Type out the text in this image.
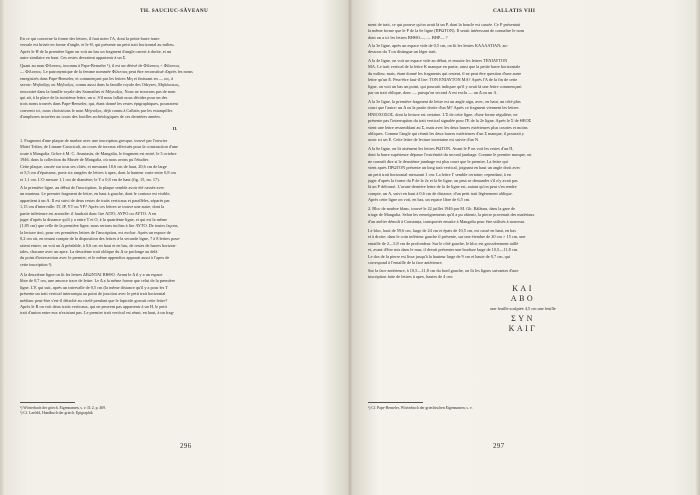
TH. SAUCIUC-SĂVEANU
En ce qui concerne la forme des lettres, il faut noter l'A, dont la petite barre trans-
versale est brisée en forme d'angle, et le Θ, qui présente un petit trait horizontal au milieu.
Après le Η de la première ligne on voit un bas un fragment d'angle ouvert à droite, et un
autre similaire en haut. Ces restes devraient appartenir à un Σ.
Quant au nom Φίλιππος, inconnu à Pape-Benseler ¹), il est un dérivé de Φίλιππος < Φίλιππος
— Φίλιππος. Le patronymique de la femme nommée Φίλιππος peut être reconstitué d'après les noms
enregistrés dans Pape-Benseler, et commençant par les lettres Μη et finissant en — ιος, à
savoir: Μηδιόξης ou Μήδιοξος, connu aussi dans la famille royale des Odryses, Μηδόκοκος,
rencontré dans la famille royale des Sarmathes et Μήνιοξος. Nous ne trouvons pas de nom
qui ait, à la place de la troisième lettre, un σ. S'il nous fallait nous décider pour un des
trois noms trouvés dans Pape-Benseler, qui, étant donné les restes épigraphiques, pourraient
convenir ici, nous choisirions le nom Μήνιοξος, déjà connu à Callatis par les estampilles
d'amphores trouvées au cours des fouilles archéologiques de ces dernières années.
II.
1. Fragment d'une plaque de marbre avec une inscription grecque, trouvé par l'ouvrier
Matei Trifan, de Limam-Caracicali, au cours de travaux effectués pour la construction d'une
route à Mangalia. Grâce à M. C. Anastasiu, de Mangalia, le fragment est entré, le 3 octobre
1946, dans la collection du Musée de Mangalia, où nous avons pu l'étudier.
Cette plaque, cassée sur tous ses côtés, et mesurant 18,6 cm de haut, 20,6 cm de large
et 5,5 cm d'épaisseur, porte six rangées de lettres à apex, dont la hauteur varie entre 0,8 cm
et 1,1 cm. L'O mesure 1,1 cm de diamètre; le Y a 0,8 cm de haut (fig. 15, no. 17).
A la première ligne, au début de l'inscription, la plaque semble avoir été cassée avec
un marteau. Le premier fragment de lettre, en haut à gauche, dont le contour est visible,
appartient à un A. Il est suivi de deux restes de traits verticaux et parallèles, séparés par
1,15 cm d'intervalle: ΙΤ, ΙΡ, ΥΤ ou ΥΡ? Après ces lettres se trouve une autre, dont la
partie inférieure est arrondie: il faudrait donc lire ΑΙΤΟ, ΑΥΡΟ ou ΑΥΤΟ. A en
juger d'après la distance qu'il y a entre T et O, à la quatrième ligne, et qui est la même
(1,85 cm) que celle de la première ligne, nous serions inclins à lire ΑΥΤΟ. De toutes façons,
la lecture ἀπό, pour ces premières lettres de l'inscription, est exclue. Après un espace de
0,2 cm où, en tenant compte de la disposition des lettres à la seconde ligne, 7 à 8 lettres pour-
raient entrer, on voit un Δ préalable, à 0,6 cm en haut et en bas, de restes de barres horizon-
tales, chacune avec un apex. La deuxième trait oblique du Δ se prolonge au delà
du point d'intersection avec le premier; et le même appendice apparait aussi à l'apex de
cette inscription ²).
A la deuxième ligne on lit les lettres ΔΕΩΝΤΑΙ ΒΗΘΟ. Avant le Δ il y a un espace
libre de 0,7 cm, une amorce trace de lettre. Le Δ a la même forme que celui de la première
ligne. L'E qui suit, après un intervalle de 0,5 cm (la même distance qu'il y a pour les Τ
présente un trait vertical interrompu au point de jonction avec le petit trait horizontal
médian: peut-être s'est-il détaché au ciselé pendant que le lapicide gravait cette lettre?
Après le Β on voit deux traits verticaux, qui ne peuvent pas appartenir à un Η, le petit
trait d'union entre eux n'existant pas. Le premier trait vertical est réuni, en haut, à un frag-
¹) Wörterbuch der griech. Eigennamen, s. v. II, 2, p. 469.
²) Cf. Larfeld, Handbuch der griech. Epigraphik
296
CALLATIS VIII
ment de trait, ce qui prouve qu'on avait là un Ρ, dont la boucle est cassée. Ce Ρ présentait
la même forme que le Ρ de la 6e ligne (ΠΡΩΤΟΝ). Il serait intéressant de connaître le nom
dont on a ici les lettres ΒΗΘΟ—, — ΒΗΡ— ?
A la 3e ligne, après un espace vide de 0,5 cm, on lit les lettres ΚΑΛΛΑΤΙΑΝ; au-
dessous du Τ on distingue un léger trait.
A la 4e ligne, on voit un espace vide au début, et ensuite les lettres ΤΕΝΙΑΥΤΟΝ
ΜΑ. Le trait vertical de la lettre Κ manque en partie, ainsi que la petite barre horizontale
du milieu; mais, étant donné les fragments qui restent, il ne peut être question d'une autre
lettre qu'un Ε. Peut-être faut-il lire: ΤΟΝ ΕΝΙΑΥΤΟΝ ΜΑ? Après l'Α de la fin de cette
ligne, on voit un bas un point, qui pourrait indiquer qu'il y avait là une lettre commençant
par un trait oblique, donc — puisqu'on second A est exclu — un Δ ou un Λ.
A la 5e ligne, la première fragment de lettre est un angle aigu, avec, en haut, un côté plus
court que l'autre: un Δ ou la partie droite d'un Μ? Après ce fragment viennent les lettres
ΗΝΙΟΧΟΣΟΣ, dont la lecture est certaine. L'Σ de cette ligne, d'une forme régulière, ne
présente pas l'interruption du trait vertical signalée pour l'Ε de la 2e ligne. Après le Σ de ΘΕΟΣ
vient une lettre ressemblant au Σ, mais avec les deux barres extérieures plus courtes et moins
obliques. Comme l'angle qui réunit les deux barres extérieures d'un Σ manque, il pourrait y
avoir ici un Ε. Cette lettre de lecture incertaine est suivie d'un Ν.
A la 6e ligne, on lit aisément les lettres ΡΩΤΟΝ. Avant le Ρ on voit les restes d'un Π,
dont la barre supérieure dépasse l'extrémité du second jambage. Comme le premier masque, on
ne connaît dire si le deuxième jambage est plus court que le premier. La lettre qui
vient après ΠΡΩΤΟΝ présente un long trait vertical, joignant en haut un angle droit avec
un petit trait horizontal mesurant 1 cm: La lettre Γ semble certaine; cependant, à en
juger d'après la forme du Ρ de la 2e et la 6e ligne, on peut se demander s'il n'y avait pas
là un Ρ déformé. L'avant-dernière lettre de la 4e ligne est, autant qu'on peut s'en rendre
compte, un Α, suivi en haut à 0,6 cm de distance, d'un petit trait légèrement oblique.
Après cette ligne on voit, en bas, un espace libre de 6,5 cm.
2. Bloc de marbre blanc, trouvé le 22 juillet 1946 par M. Gh. Bălăuru, dans la gare de
triage de Mangalia. Selon les renseignements qu'il a pu obtenir, la pierre provenait des matériaux
d'un atelier démoli à Constanța, transportés ensuite à Mangalia pour être utilisés à nouveau.
Le bloc, haut de 59,6 cm, large de 24 cm et épais de 10,5 cm, est cassé en haut, en bas
et à droite; dans le coin inférieur gauche il présente, sur une étendue de 20 cm × 15 cm, une
entaille de 2—5,8 cm de profondeur. Sur le côté gauche, le bloc est grossièrement taillé
et, avant d'être mis dans le mur, il devait présenter une bordure large de 10,5—11,8 cm.
Le dos de la pierre est lisse jusqu'à la hauteur large de 9 cm et haute de 0,7 cm, qui
correspond à l'entaille de la face antérieure.
Sur la face antérieure, à 10,5—11,8 cm du bord gauche, on lit les lignes suivantes d'une
inscription faite de lettres à apex, hautes de 4 cm:
ΚΑΙ
ΑΒΟ
une feuille sculptée 4,5 cm une feuille
ΣΥΝ
ΚΑΙΓ
¹) Cf. Pape-Benseler, Wörterbuch der griechischen Eigennamen, s. v.
297
